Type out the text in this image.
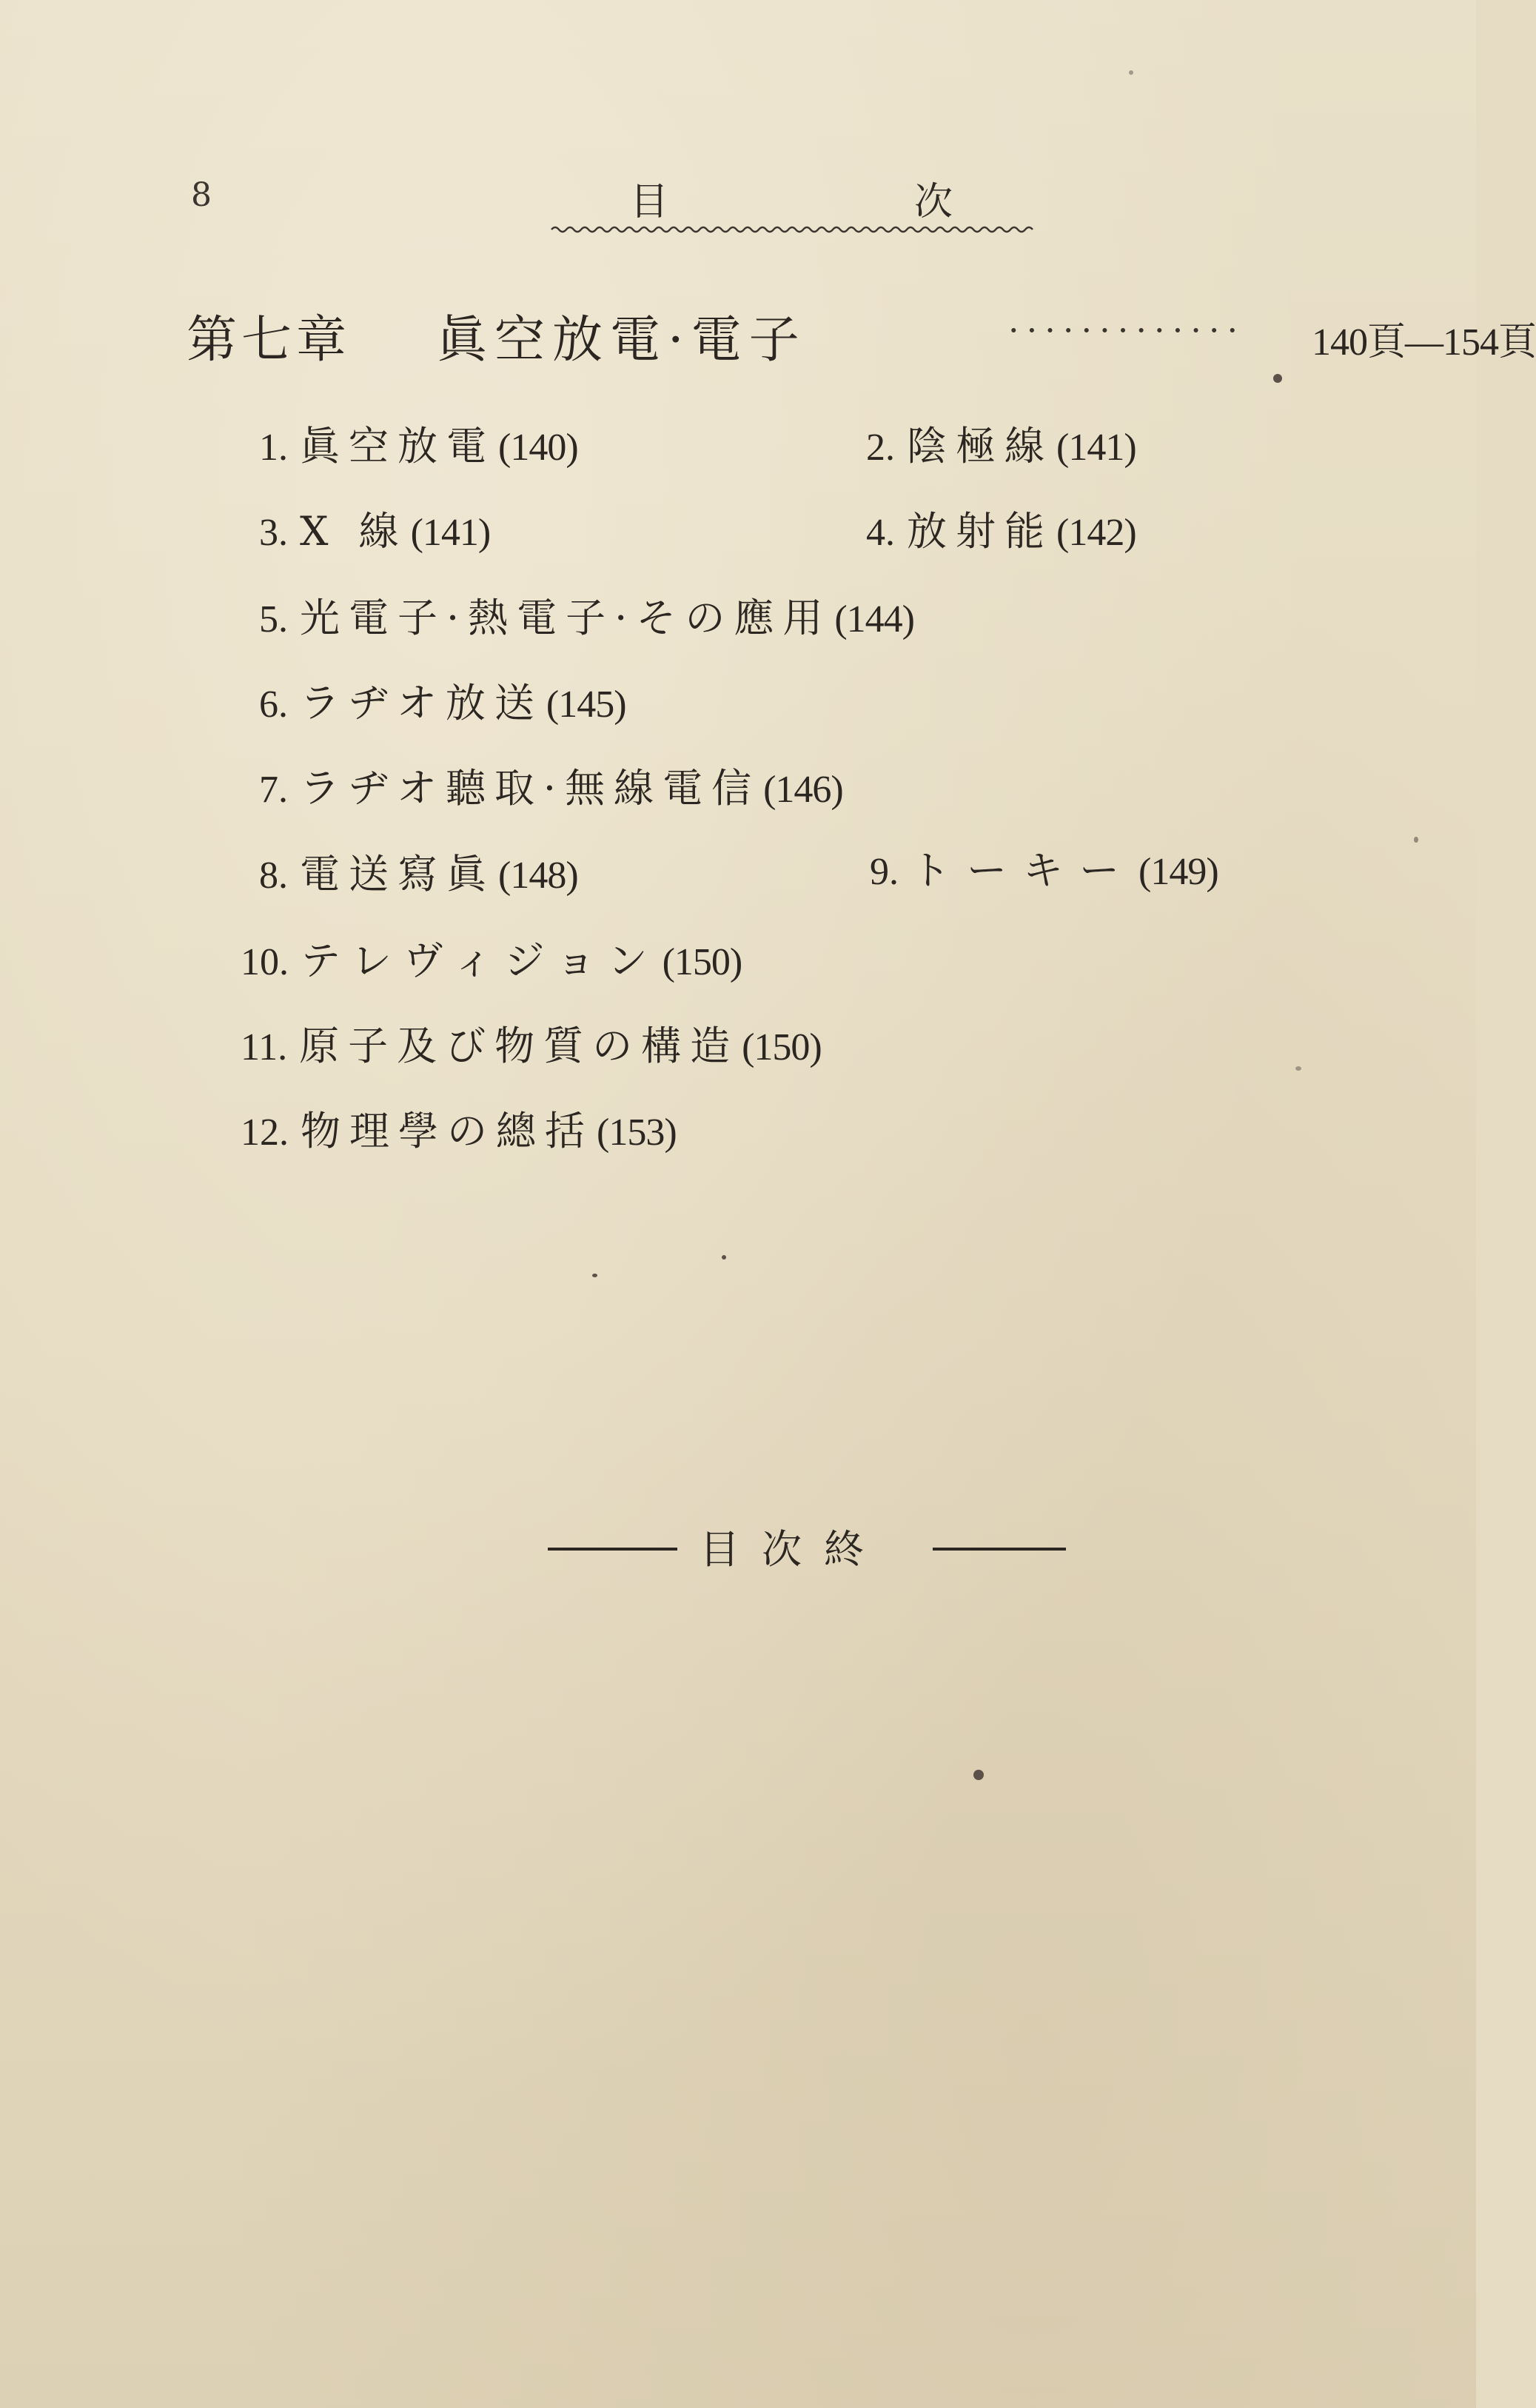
8	目	次
第七章 眞空放電·電子	············· 140頁—154頁
1. 眞空放電(140)	2. 陰極線(141)
3. X 線(141)	4. 放射能(142)
5. 光電子·熱電子·その應用(144)
6. ラヂオ放送(145)
7. ラヂオ聽取·無線電信(146)
8. 電送寫眞(148)	9. トーキー(149)
10. テレヴィジョン(150)
11. 原子及び物質の構造(150)
12. 物理學の總括(153)
目次終
